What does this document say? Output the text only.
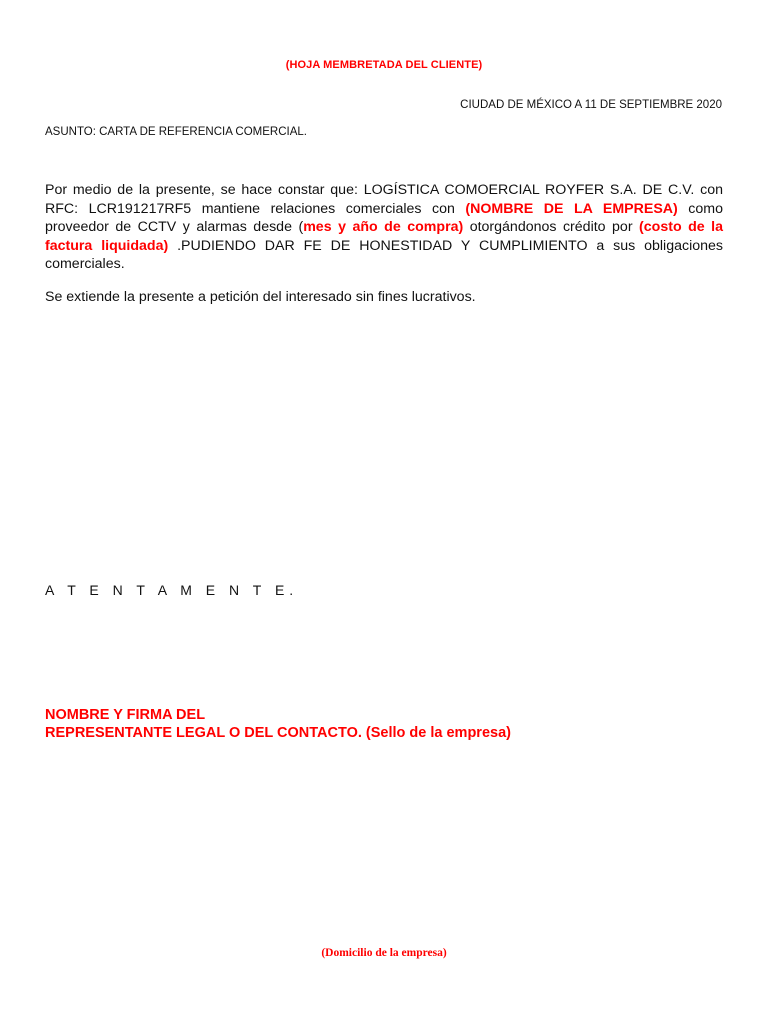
(HOJA MEMBRETADA DEL CLIENTE)
CIUDAD DE MÉXICO A 11 DE SEPTIEMBRE 2020
ASUNTO: CARTA DE REFERENCIA COMERCIAL.
Por medio de la presente, se hace constar que: LOGÍSTICA COMOERCIAL ROYFER S.A. DE C.V. con RFC: LCR191217RF5 mantiene relaciones comerciales con (NOMBRE DE LA EMPRESA) como proveedor de CCTV y alarmas desde (mes y año de compra) otorgándonos crédito por (costo de la factura liquidada) .PUDIENDO DAR FE DE HONESTIDAD Y CUMPLIMIENTO a sus obligaciones comerciales.
Se extiende la presente a petición del interesado sin fines lucrativos.
A T E N T A M E N T E.
NOMBRE Y FIRMA DEL
REPRESENTANTE LEGAL O DEL CONTACTO. (Sello de la empresa)
(Domicilio de la empresa)
